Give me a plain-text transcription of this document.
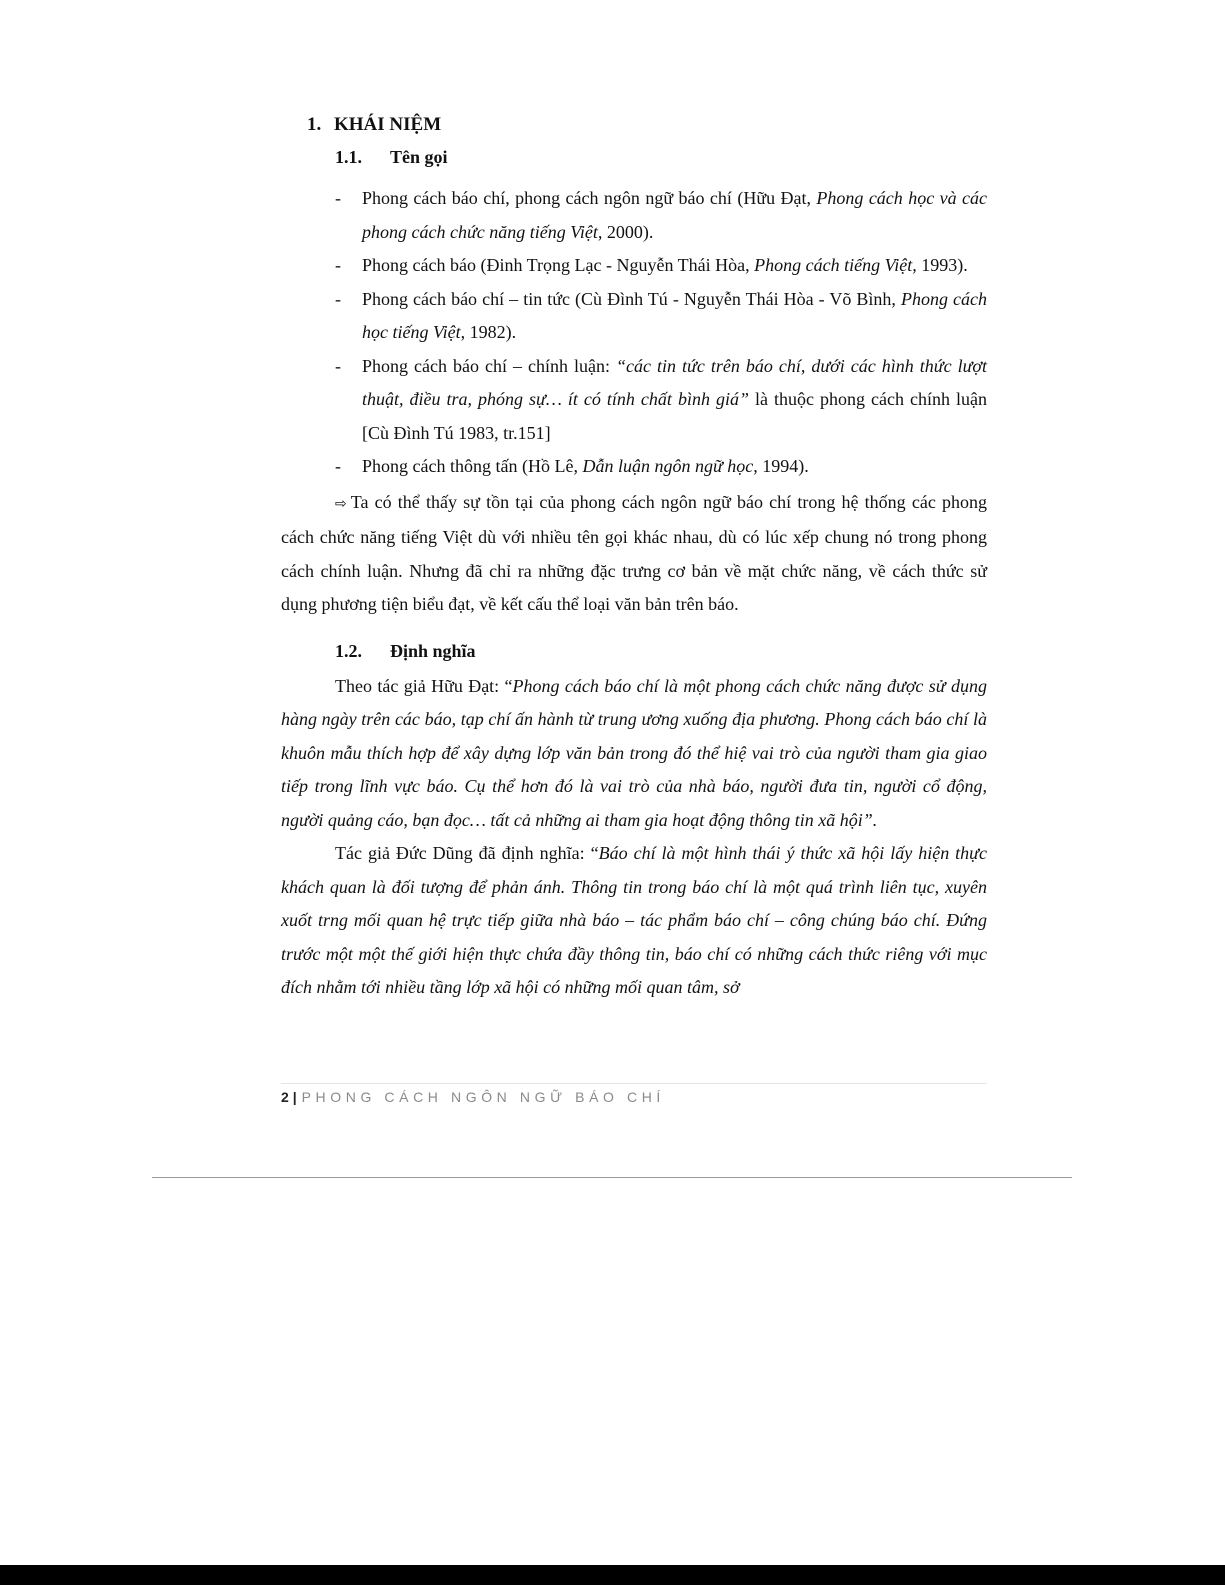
1. KHÁI NIỆM
1.1. Tên gọi
- Phong cách báo chí, phong cách ngôn ngữ báo chí (Hữu Đạt, Phong cách học và các phong cách chức năng tiếng Việt, 2000).
- Phong cách báo (Đinh Trọng Lạc - Nguyễn Thái Hòa, Phong cách tiếng Việt, 1993).
- Phong cách báo chí – tin tức (Cù Đình Tú - Nguyễn Thái Hòa - Võ Bình, Phong cách học tiếng Việt, 1982).
- Phong cách báo chí – chính luận: “các tin tức trên báo chí, dưới các hình thức lượt thuật, điều tra, phóng sự… ít có tính chất bình giá” là thuộc phong cách chính luận [Cù Đình Tú 1983, tr.151]
- Phong cách thông tấn (Hồ Lê, Dẫn luận ngôn ngữ học, 1994).

⇨ Ta có thể thấy sự tồn tại của phong cách ngôn ngữ báo chí trong hệ thống các phong cách chức năng tiếng Việt dù với nhiều tên gọi khác nhau, dù có lúc xếp chung nó trong phong cách chính luận. Nhưng đã chỉ ra những đặc trưng cơ bản về mặt chức năng, về cách thức sử dụng phương tiện biểu đạt, về kết cấu thể loại văn bản trên báo.

1.2. Định nghĩa

Theo tác giả Hữu Đạt: “Phong cách báo chí là một phong cách chức năng được sử dụng hàng ngày trên các báo, tạp chí ấn hành từ trung ương xuống địa phương. Phong cách báo chí là khuôn mẫu thích hợp để xây dựng lớp văn bản trong đó thể hiệ vai trò của người tham gia giao tiếp trong lĩnh vực báo. Cụ thể hơn đó là vai trò của nhà báo, người đưa tin, người cổ động, người quảng cáo, bạn đọc… tất cả những ai tham gia hoạt động thông tin xã hội”.

Tác giả Đức Dũng đã định nghĩa: “Báo chí là một hình thái ý thức xã hội lấy hiện thực khách quan là đối tượng để phản ánh. Thông tin trong báo chí là một quá trình liên tục, xuyên xuốt trng mối quan hệ trực tiếp giữa nhà báo – tác phẩm báo chí – công chúng báo chí. Đứng trước một một thế giới hiện thực chứa đầy thông tin, báo chí có những cách thức riêng với mục đích nhằm tới nhiều tầng lớp xã hội có những mối quan tâm, sở

2 | PHONG CÁCH NGÔN NGỮ BÁO CHÍ
